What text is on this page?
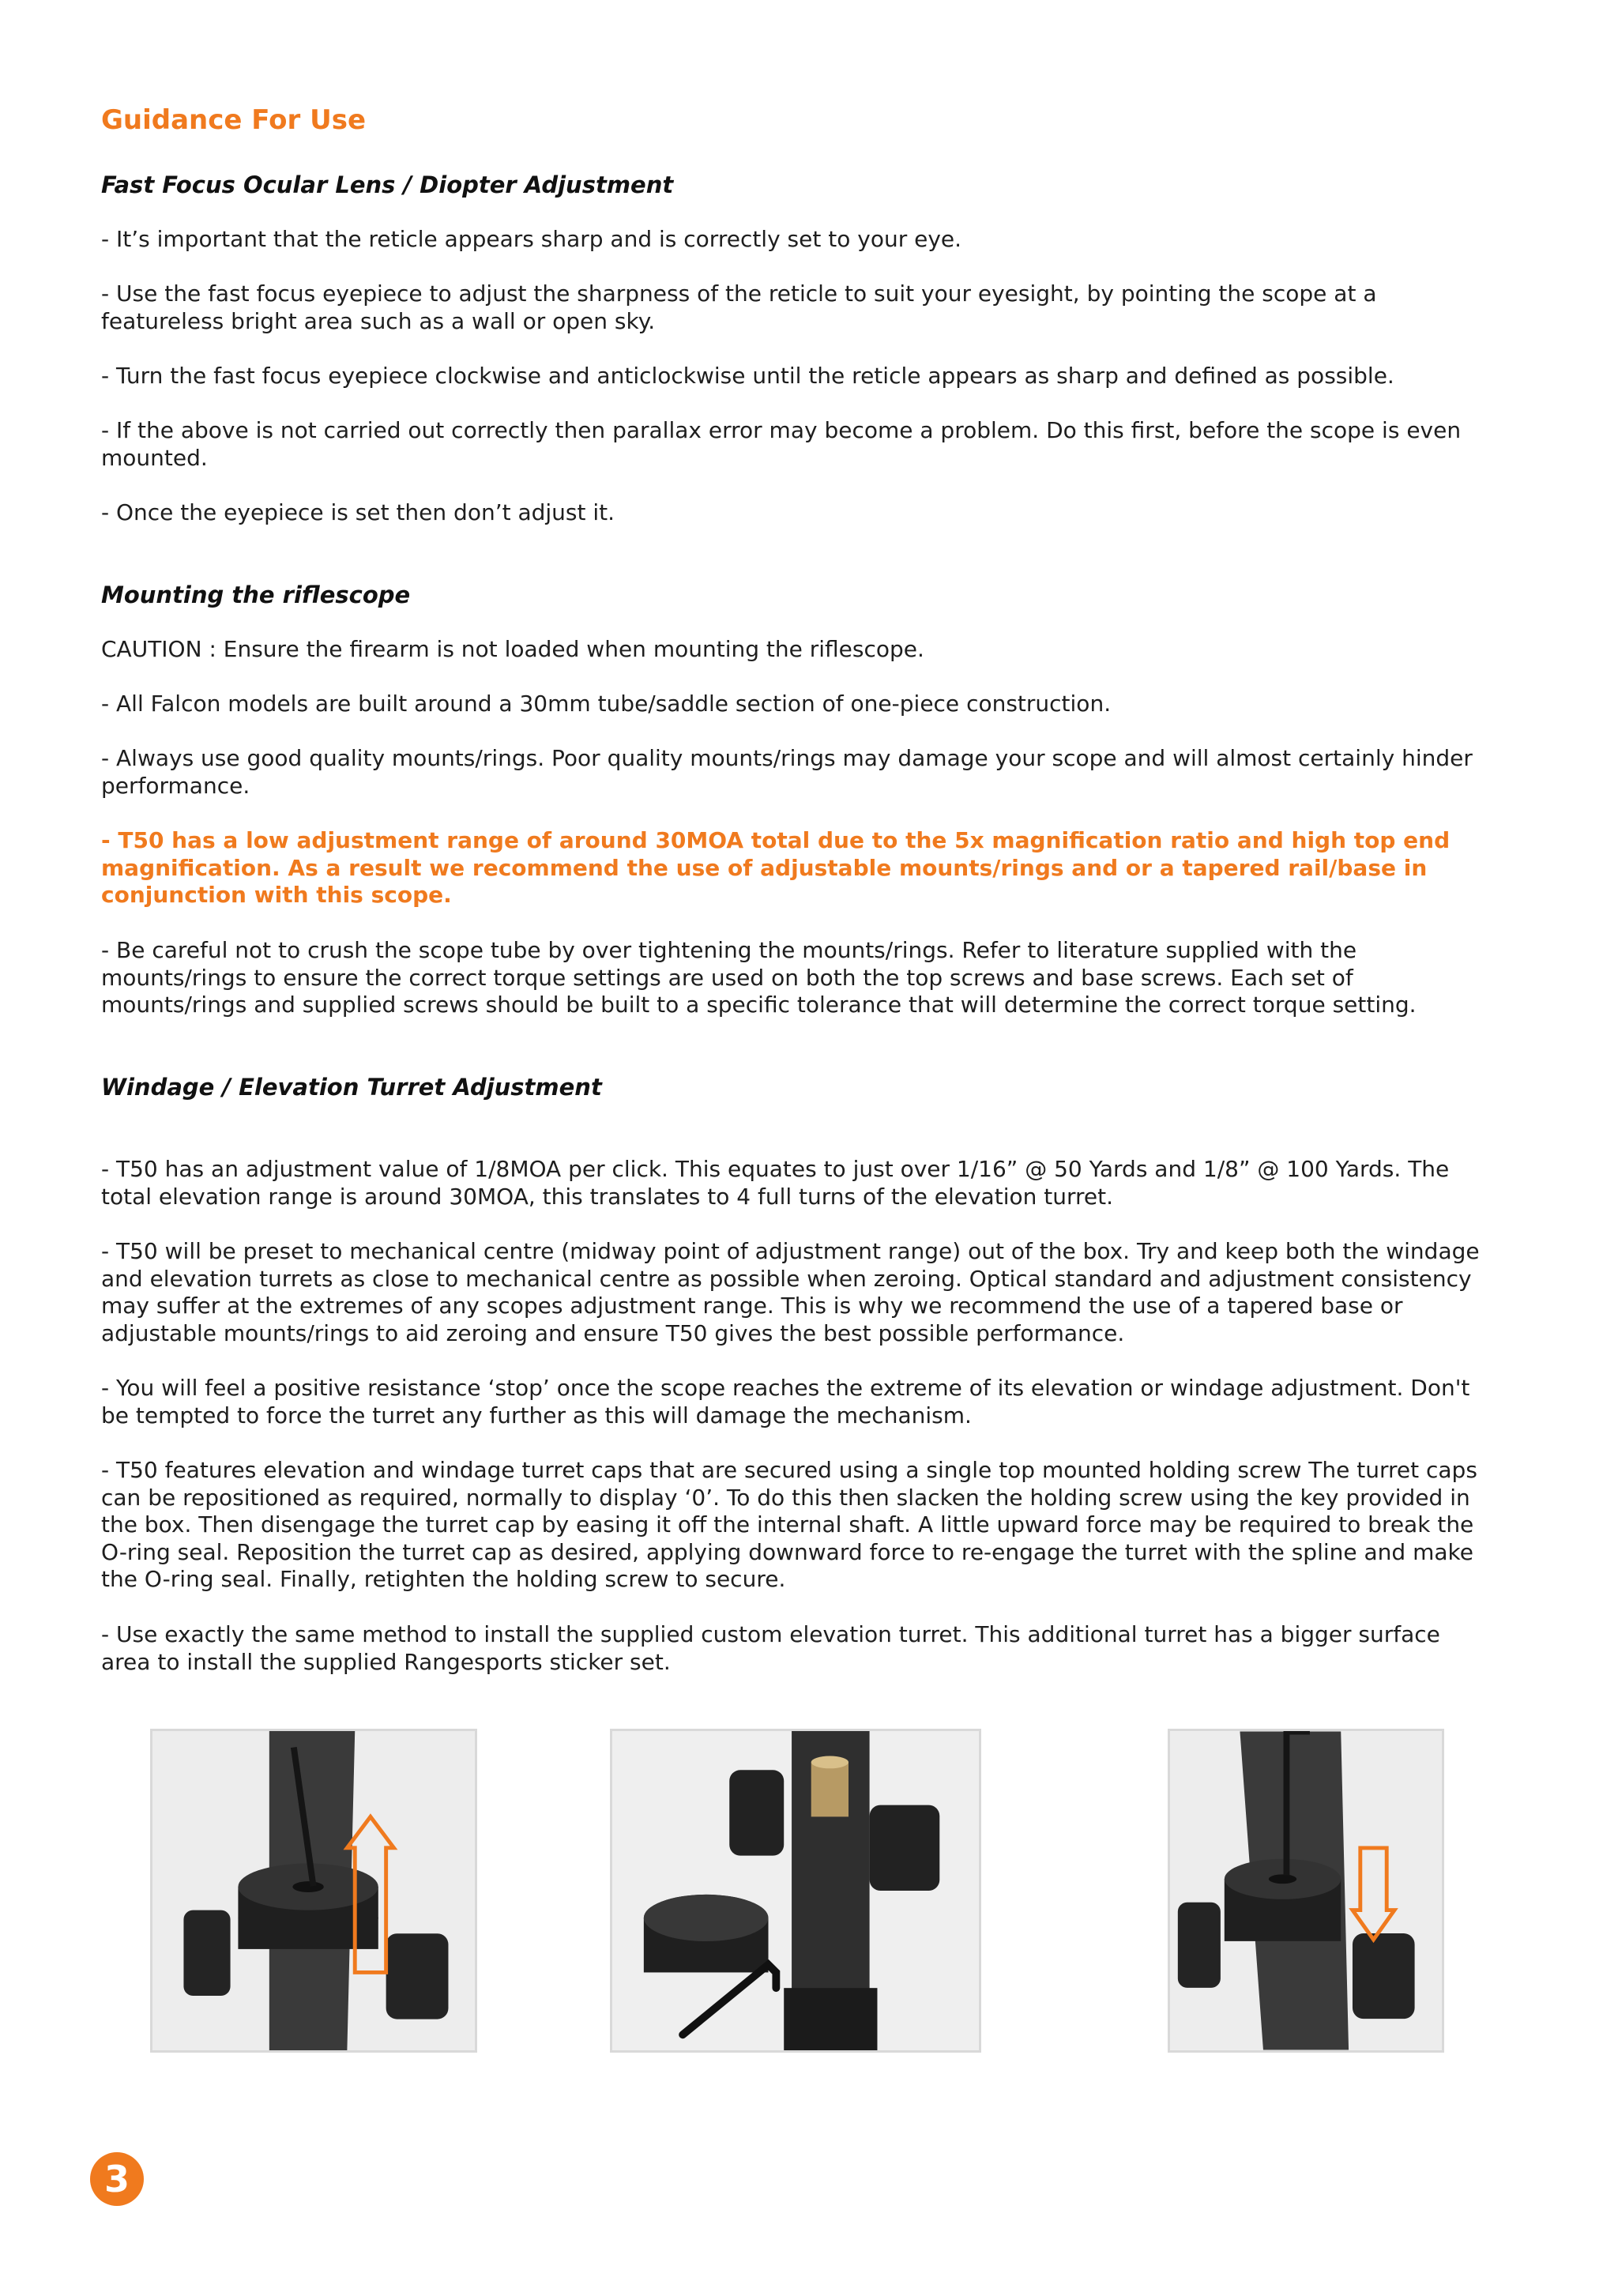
Guidance For Use
Fast Focus Ocular Lens / Diopter Adjustment
- It’s important that the reticle appears sharp and is correctly set to your eye.
- Use the fast focus eyepiece to adjust the sharpness of the reticle to suit your eyesight, by pointing the scope at a featureless bright area such as a wall or open sky.
- Turn the fast focus eyepiece clockwise and anticlockwise until the reticle appears as sharp and defined as possible.
- If the above is not carried out correctly then parallax error may become a problem. Do this first, before the scope is even mounted.
- Once the eyepiece is set then don’t adjust it.
Mounting the riflescope
CAUTION : Ensure the firearm is not loaded when mounting the riflescope.
- All Falcon models are built around a 30mm tube/saddle section of one-piece construction.
- Always use good quality mounts/rings. Poor quality mounts/rings may damage your scope and will almost certainly hinder performance.
- T50 has a low adjustment range of around 30MOA total due to the 5x magnification ratio and high top end magnification. As a result we recommend the use of adjustable mounts/rings and or a tapered rail/base in conjunction with this scope.
- Be careful not to crush the scope tube by over tightening the mounts/rings. Refer to literature supplied with the mounts/rings to ensure the correct torque settings are used on both the top screws and base screws. Each set of mounts/rings and supplied screws should be built to a specific tolerance that will determine the correct torque setting.
Windage / Elevation Turret Adjustment
- T50 has an adjustment value of 1/8MOA per click. This equates to just over 1/16” @ 50 Yards and 1/8” @ 100 Yards. The total elevation range is around 30MOA, this translates to 4 full turns of the elevation turret.
- T50 will be preset to mechanical centre (midway point of adjustment range) out of the box. Try and keep both the windage and elevation turrets as close to mechanical centre as possible when zeroing. Optical standard and adjustment consistency may suffer at the extremes of any scopes adjustment range. This is why we recommend the use of a tapered base or adjustable mounts/rings to aid zeroing and ensure T50 gives the best possible performance.
- You will feel a positive resistance ‘stop’ once the scope reaches the extreme of its elevation or windage adjustment. Don't be tempted to force the turret any further as this will damage the mechanism.
- T50 features elevation and windage turret caps that are secured using a single top mounted holding screw The turret caps can be repositioned as required, normally to display ‘0’. To do this then slacken the holding screw using the key provided in the box. Then disengage the turret cap by easing it off the internal shaft. A little upward force may be required to break the O-ring seal. Reposition the turret cap as desired, applying downward force to re-engage the turret with the spline and make the O-ring seal. Finally, retighten the holding screw to secure.
- Use exactly the same method to install the supplied custom elevation turret. This additional turret has a bigger surface area to install the supplied Rangesports sticker set.
3
